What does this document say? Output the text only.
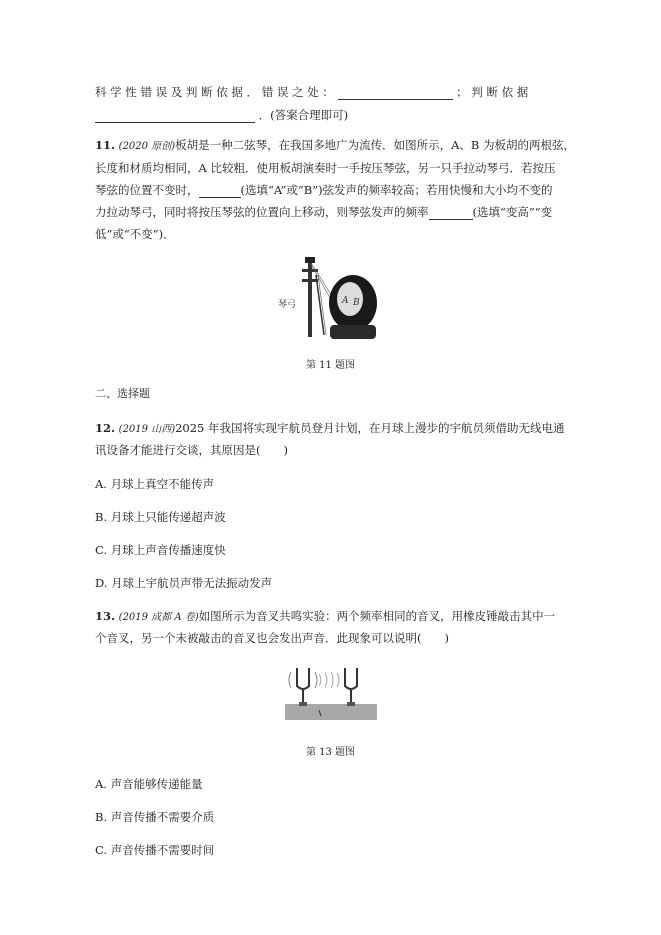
科 学 性 错 误 及 判 断 依 据 ． 错 误 之 处 ：	； 判 断 依 据
．(答案合理即可)
11. (2020 原创)板胡是一种二弦琴，在我国多地广为流传．如图所示，A、B 为板胡的两根弦，
长度和材质均相同，A 比较粗．使用板胡演奏时一手按压琴弦，另一只手拉动琴弓．若按压
琴弦的位置不变时，	(选填“A”或“B”)弦发声的频率较高；若用快慢和大小均不变的
力拉动琴弓，同时将按压琴弦的位置向上移动，则琴弦发声的频率	(选填“变高”“变
低”或“不变”)．
琴弓	A B
第 11 题图
二、选择题
12. (2019 山西)2025 年我国将实现宇航员登月计划，在月球上漫步的宇航员须借助无线电通
讯设备才能进行交谈，其原因是(　　)
A. 月球上真空不能传声
B. 月球上只能传递超声波
C. 月球上声音传播速度快
D. 月球上宇航员声带无法振动发声
13. (2019 成都 A 卷)如图所示为音叉共鸣实验：两个频率相同的音叉，用橡皮锤敲击其中一
个音叉，另一个未被敲击的音叉也会发出声音．此现象可以说明(　　)
第 13 题图
A. 声音能够传递能量
B. 声音传播不需要介质
C. 声音传播不需要时间
